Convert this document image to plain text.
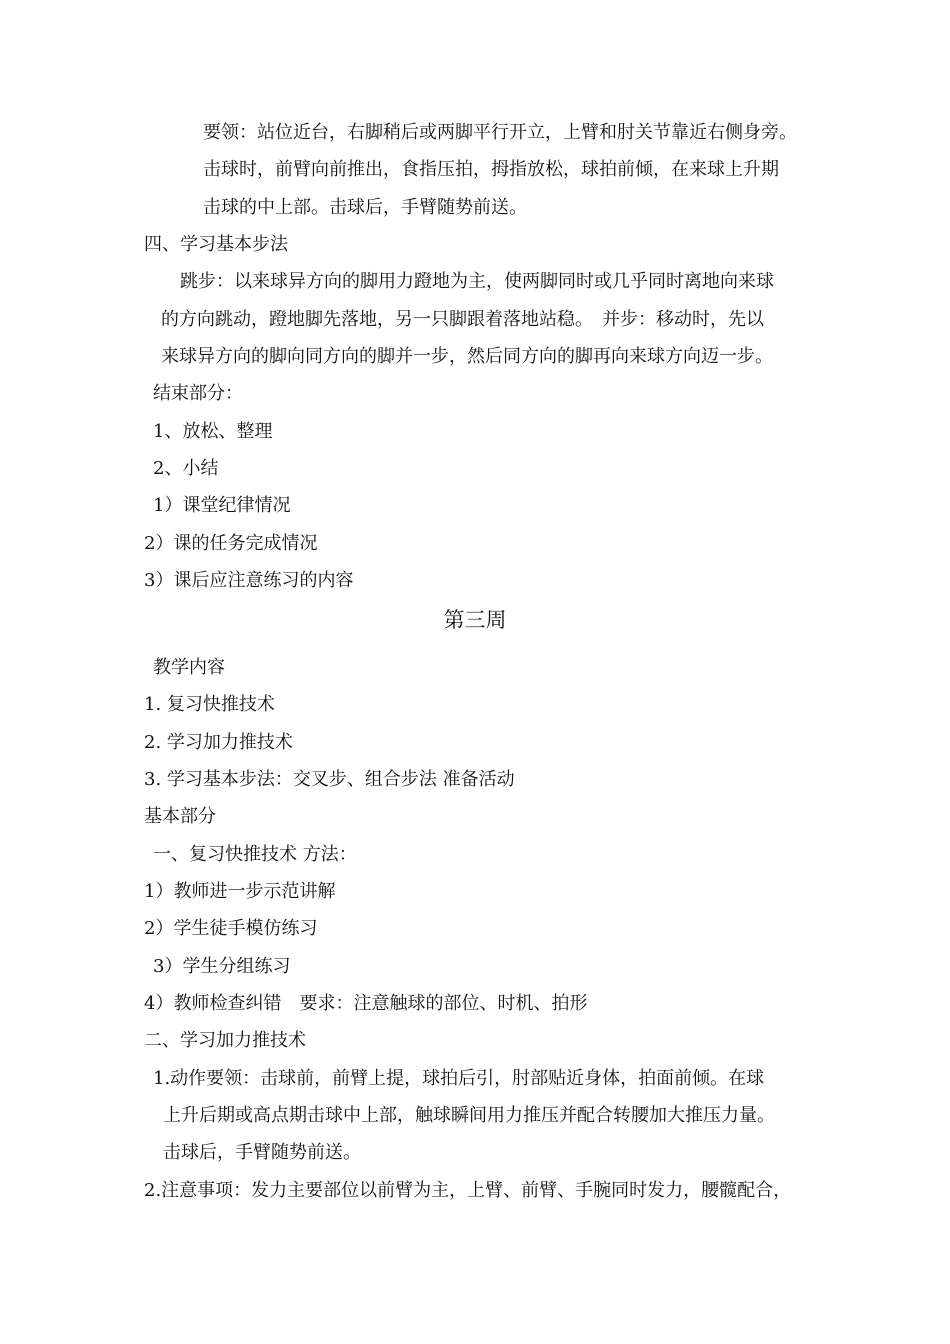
要领：站位近台，右脚稍后或两脚平行开立，上臂和肘关节靠近右侧身旁。
击球时，前臂向前推出，食指压拍，拇指放松，球拍前倾，在来球上升期
击球的中上部。击球后，手臂随势前送。
四、学习基本步法
跳步：以来球异方向的脚用力蹬地为主，使两脚同时或几乎同时离地向来球
的方向跳动，蹬地脚先落地，另一只脚跟着落地站稳。　并步：移动时，先以
来球异方向的脚向同方向的脚并一步，然后同方向的脚再向来球方向迈一步。
结束部分：
1、放松、整理
2、小结
1）课堂纪律情况
2）课的任务完成情况
3）课后应注意练习的内容
第三周
教学内容
1. 复习快推技术
2. 学习加力推技术
3. 学习基本步法：交叉步、组合步法 准备活动
基本部分
一、复习快推技术 方法：
1）教师进一步示范讲解
2）学生徒手模仿练习
3）学生分组练习
4）教师检查纠错　要求：注意触球的部位、时机、拍形
二、学习加力推技术
1.动作要领：击球前，前臂上提，球拍后引，肘部贴近身体，拍面前倾。在球
上升后期或高点期击球中上部，触球瞬间用力推压并配合转腰加大推压力量。
击球后，手臂随势前送。
2.注意事项：发力主要部位以前臂为主，上臂、前臂、手腕同时发力，腰髋配合，
